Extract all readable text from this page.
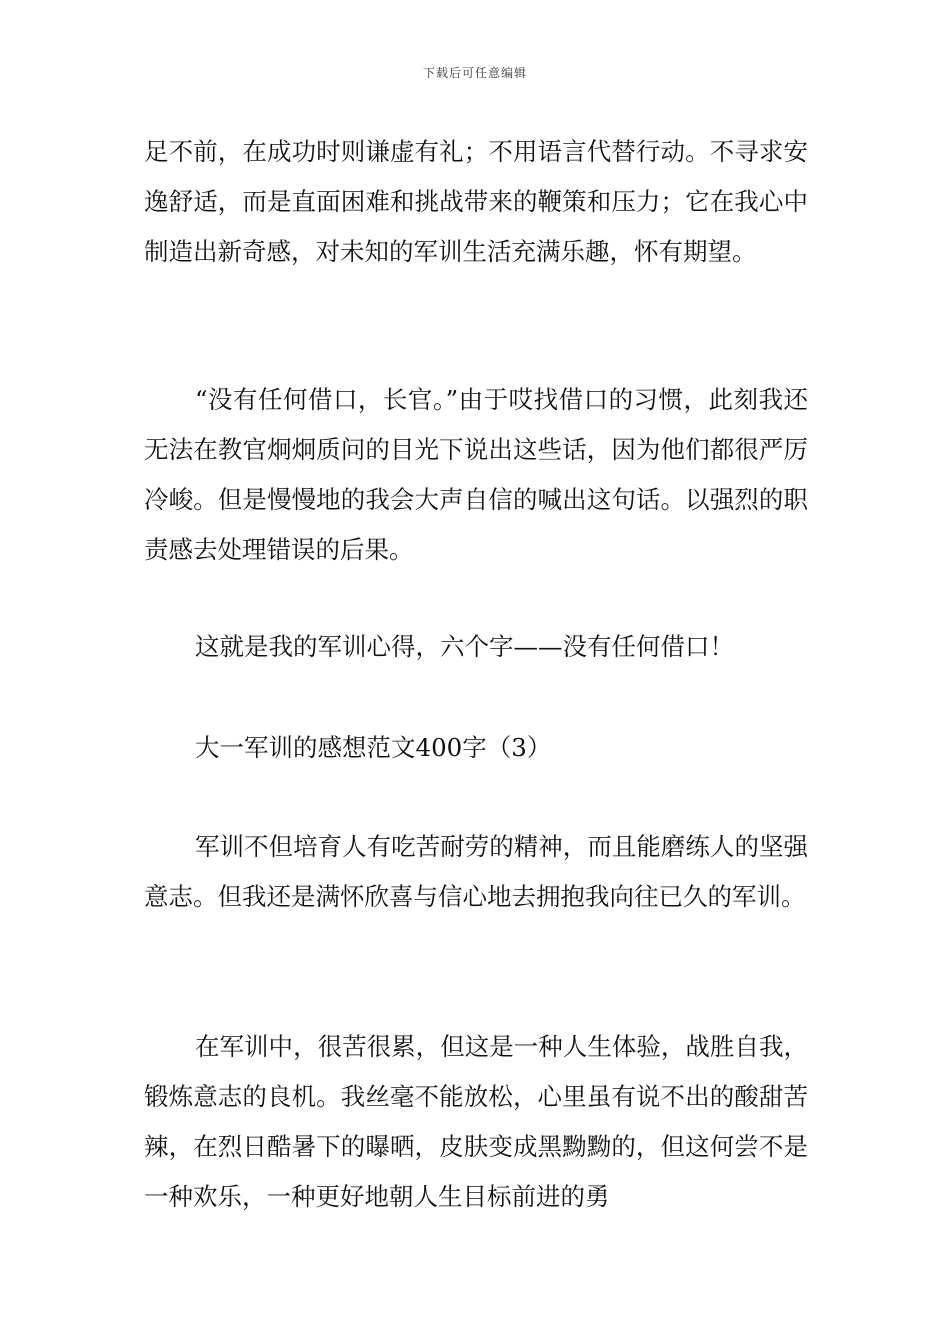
下载后可任意编辑

足不前，在成功时则谦虚有礼；不用语言代替行动。不寻求安逸舒适，而是直面困难和挑战带来的鞭策和压力；它在我心中制造出新奇感，对未知的军训生活充满乐趣，怀有期望。

“没有任何借口，长官。”由于哎找借口的习惯，此刻我还无法在教官炯炯质问的目光下说出这些话，因为他们都很严厉冷峻。但是慢慢地的我会大声自信的喊出这句话。以强烈的职责感去处理错误的后果。

这就是我的军训心得，六个字——没有任何借口！

大一军训的感想范文400字（3）

军训不但培育人有吃苦耐劳的精神，而且能磨练人的坚强意志。但我还是满怀欣喜与信心地去拥抱我向往已久的军训。

在军训中，很苦很累，但这是一种人生体验，战胜自我，锻炼意志的良机。我丝毫不能放松，心里虽有说不出的酸甜苦辣，在烈日酷暑下的曝晒，皮肤变成黑黝黝的，但这何尝不是一种欢乐，一种更好地朝人生目标前进的勇
